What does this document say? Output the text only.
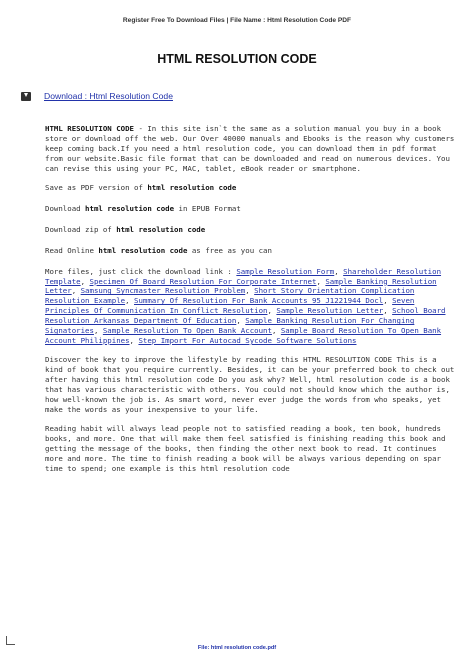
Register Free To Download Files | File Name : Html Resolution Code PDF
HTML RESOLUTION CODE
Download : Html Resolution Code

HTML RESOLUTION CODE - In this site isn`t the same as a solution manual you buy in a book store or download off the web. Our Over 40000 manuals and Ebooks is the reason why customers keep coming back.If you need a html resolution code, you can download them in pdf format from our website.Basic file format that can be downloaded and read on numerous devices. You can revise this using your PC, MAC, tablet, eBook reader or smartphone.

Save as PDF version of html resolution code

Download html resolution code in EPUB Format

Download zip of html resolution code

Read Online html resolution code as free as you can

More files, just click the download link : Sample Resolution Form, Shareholder Resolution Template, Specimen Of Board Resolution For Corporate Internet, Sample Banking Resolution Letter, Samsung Syncmaster Resolution Problem, Short Story Orientation Complication Resolution Example, Summary Of Resolution For Bank Accounts 95 J1221944 Docl, Seven Principles Of Communication In Conflict Resolution, Sample Resolution Letter, School Board Resolution Arkansas Department Of Education, Sample Banking Resolution For Changing Signatories, Sample Resolution To Open Bank Account, Sample Board Resolution To Open Bank Account Philippines, Step Import For Autocad Sycode Software Solutions

Discover the key to improve the lifestyle by reading this HTML RESOLUTION CODE This is a kind of book that you require currently. Besides, it can be your preferred book to check out after having this html resolution code Do you ask why? Well, html resolution code is a book that has various characteristic with others. You could not should know which the author is, how well-known the job is. As smart word, never ever judge the words from who speaks, yet make the words as your inexpensive to your life.

Reading habit will always lead people not to satisfied reading a book, ten book, hundreds books, and more. One that will make them feel satisfied is finishing reading this book and getting the message of the books, then finding the other next book to read. It continues more and more. The time to finish reading a book will be always various depending on spar time to spend; one example is this html resolution code

File: html resolution code.pdf
